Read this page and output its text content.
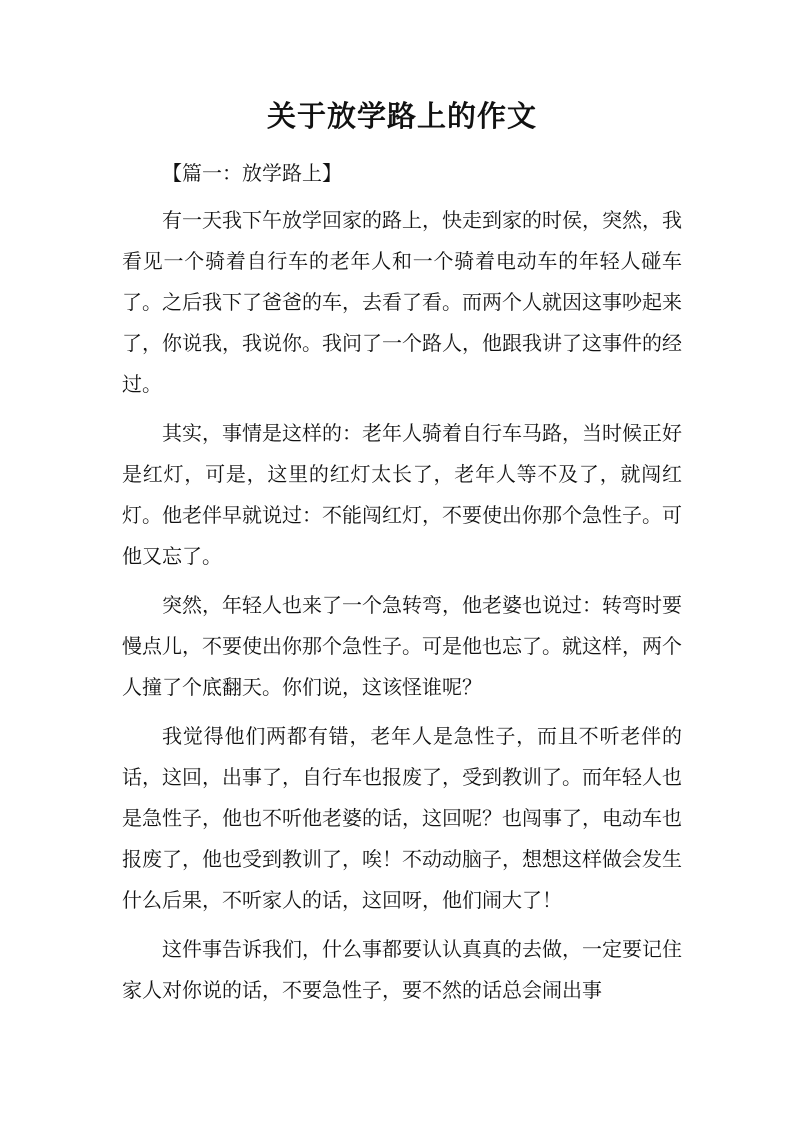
关于放学路上的作文

【篇一：放学路上】

有一天我下午放学回家的路上，快走到家的时侯，突然，我看见一个骑着自行车的老年人和一个骑着电动车的年轻人碰车了。之后我下了爸爸的车，去看了看。而两个人就因这事吵起来了，你说我，我说你。我问了一个路人，他跟我讲了这事件的经过。

其实，事情是这样的：老年人骑着自行车马路，当时候正好是红灯，可是，这里的红灯太长了，老年人等不及了，就闯红灯。他老伴早就说过：不能闯红灯，不要使出你那个急性子。可他又忘了。

突然，年轻人也来了一个急转弯，他老婆也说过：转弯时要慢点儿，不要使出你那个急性子。可是他也忘了。就这样，两个人撞了个底翻天。你们说，这该怪谁呢？

我觉得他们两都有错，老年人是急性子，而且不听老伴的话，这回，出事了，自行车也报废了，受到教训了。而年轻人也是急性子，他也不听他老婆的话，这回呢？也闯事了，电动车也报废了，他也受到教训了，唉！不动动脑子，想想这样做会发生什么后果，不听家人的话，这回呀，他们闹大了！

这件事告诉我们，什么事都要认认真真的去做，一定要记住家人对你说的话，不要急性子，要不然的话总会闹出事
